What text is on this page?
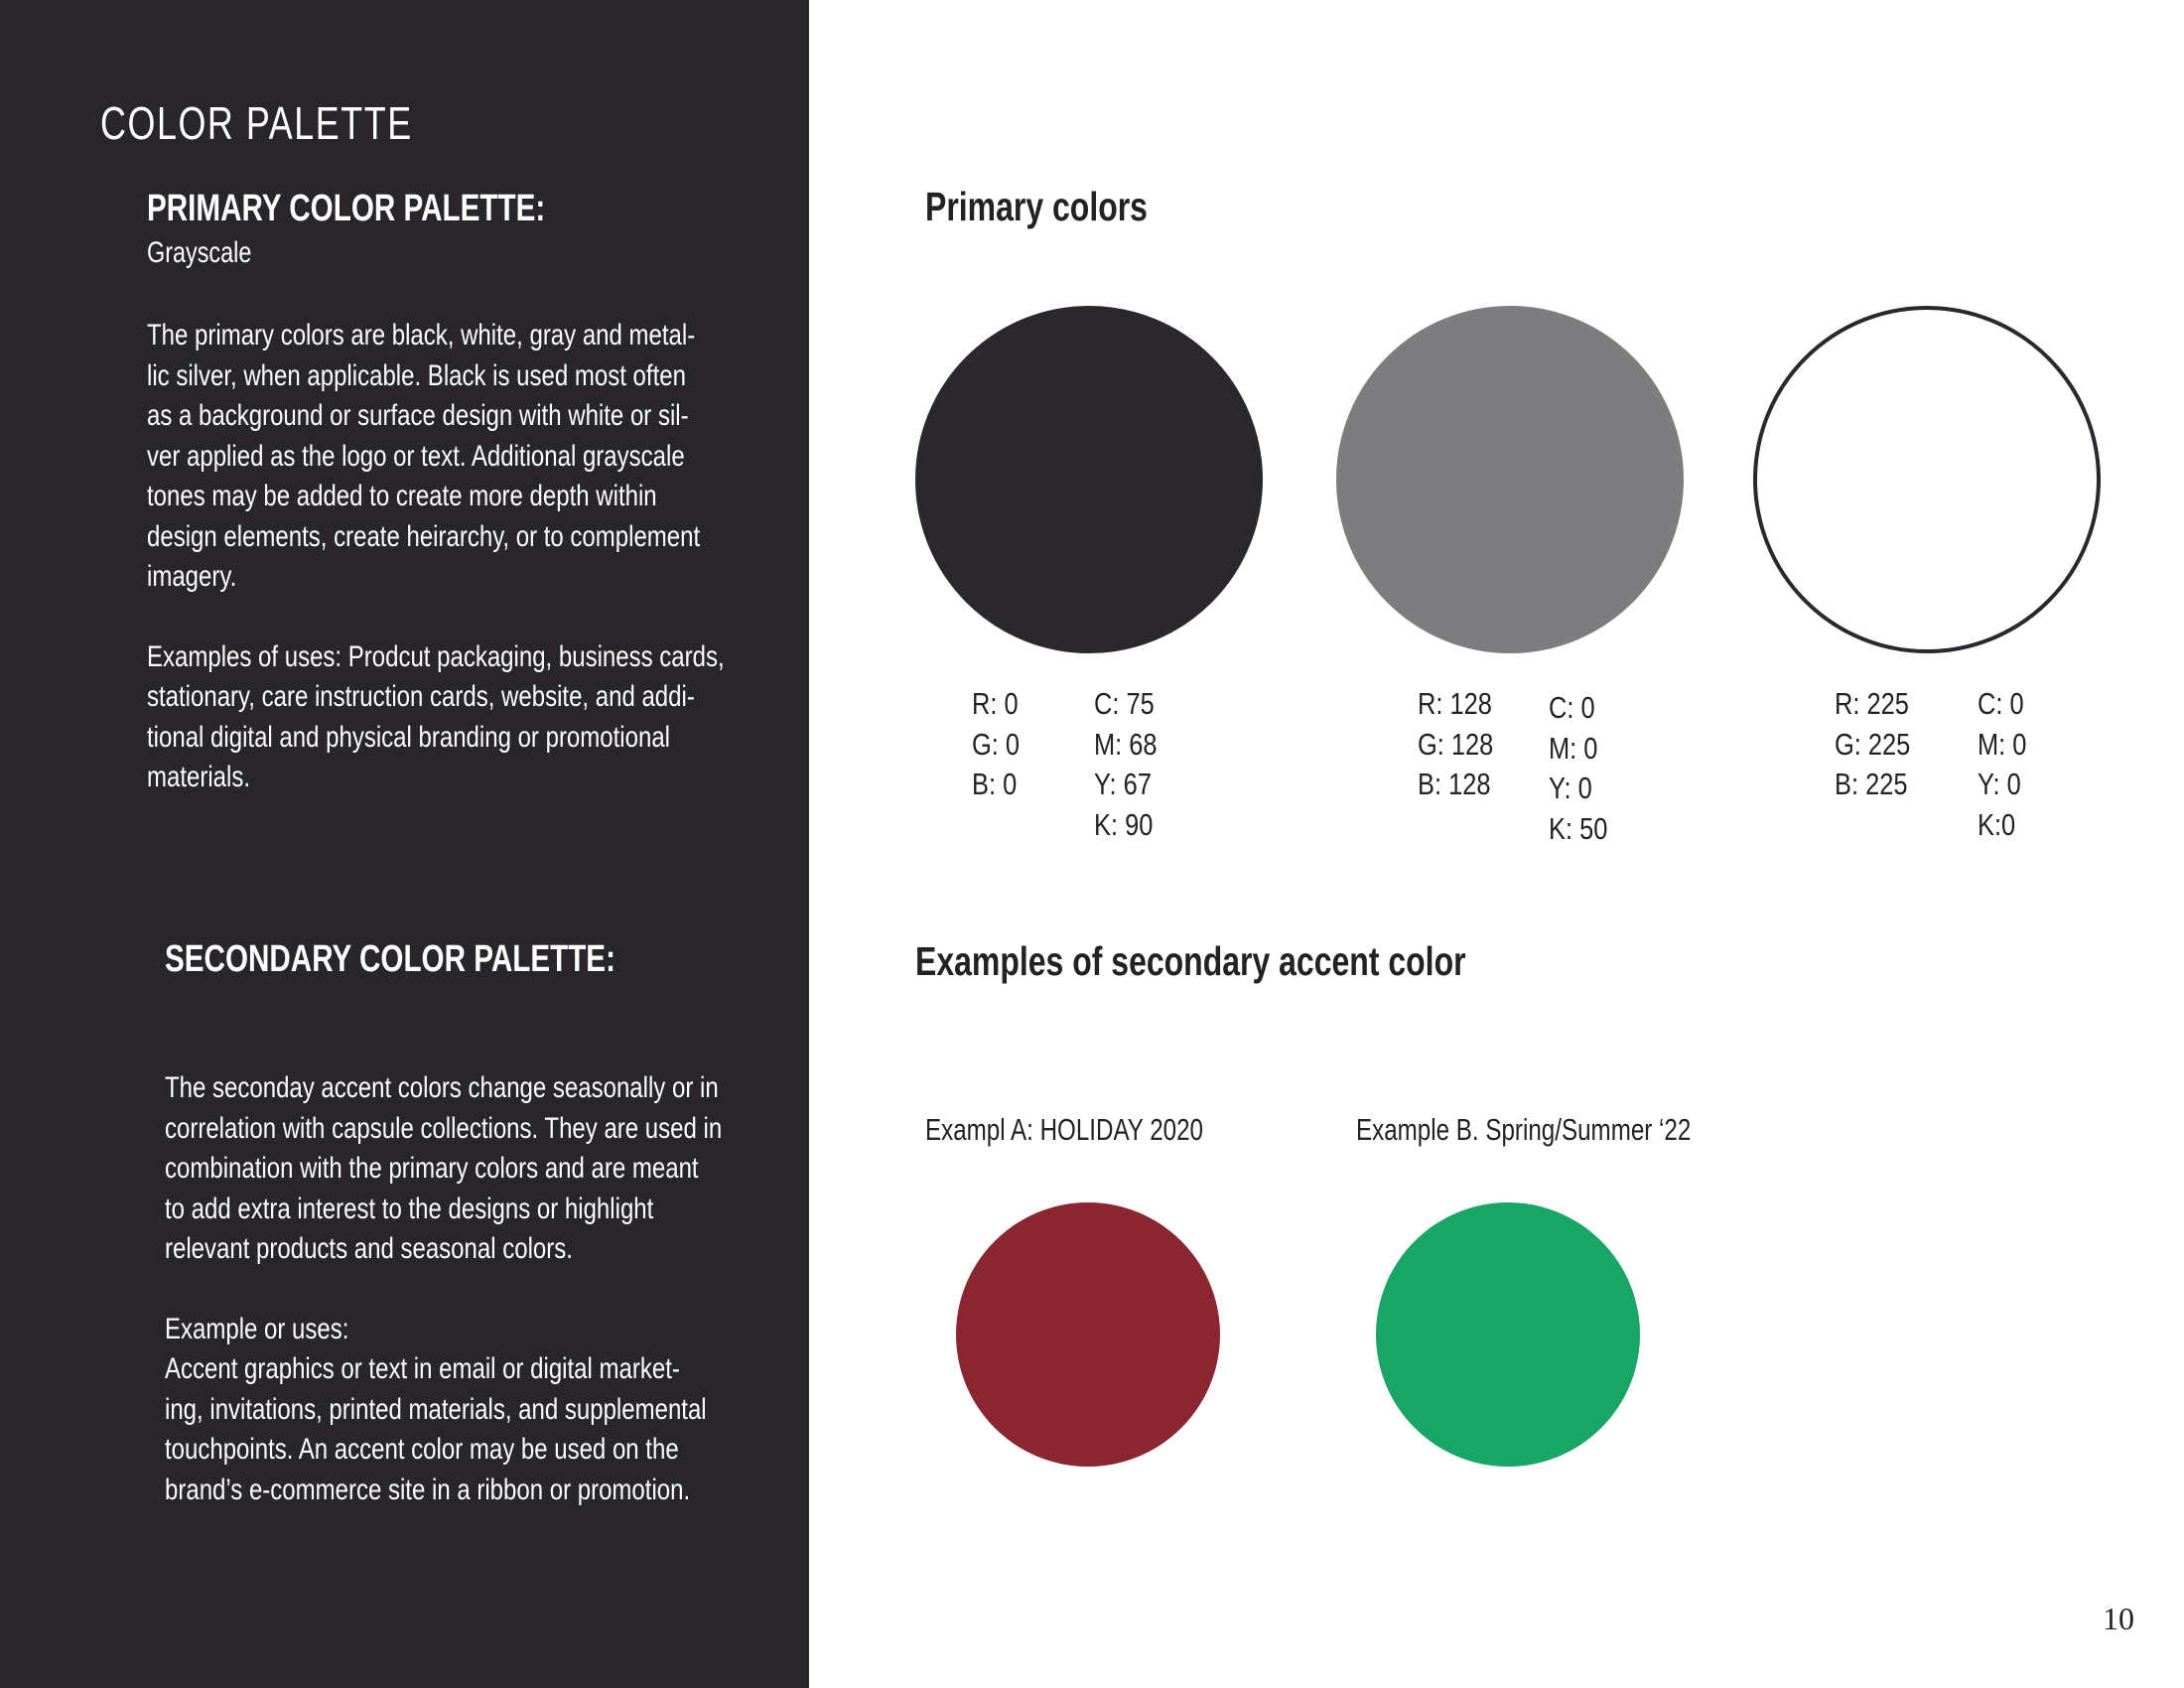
COLOR PALETTE
PRIMARY COLOR PALETTE:
Grayscale

The primary colors are black, white, gray and metal-
lic silver, when applicable. Black is used most often
as a background or surface design with white or sil-
ver applied as the logo or text. Additional grayscale
tones may be added to create more depth within
design elements, create heirarchy, or to complement
imagery.

Examples of uses: Prodcut packaging, business cards,
stationary, care instruction cards, website, and addi-
tional digital and physical branding or promotional
materials.

SECONDARY COLOR PALETTE:

The seconday accent colors change seasonally or in
correlation with capsule collections. They are used in
combination with the primary colors and are meant
to add extra interest to the designs or highlight
relevant products and seasonal colors.

Example or uses:
Accent graphics or text in email or digital market-
ing, invitations, printed materials, and supplemental
touchpoints. An accent color may be used on the
brand’s e-commerce site in a ribbon or promotion.

Primary colors
R: 0
G: 0
B: 0
C: 75
M: 68
Y: 67
K: 90
R: 128
G: 128
B: 128
C: 0
M: 0
Y: 0
K: 50
R: 225
G: 225
B: 225
C: 0
M: 0
Y: 0
K:0
Examples of secondary accent color
Exampl A: HOLIDAY 2020	Example B. Spring/Summer ‘22
10
